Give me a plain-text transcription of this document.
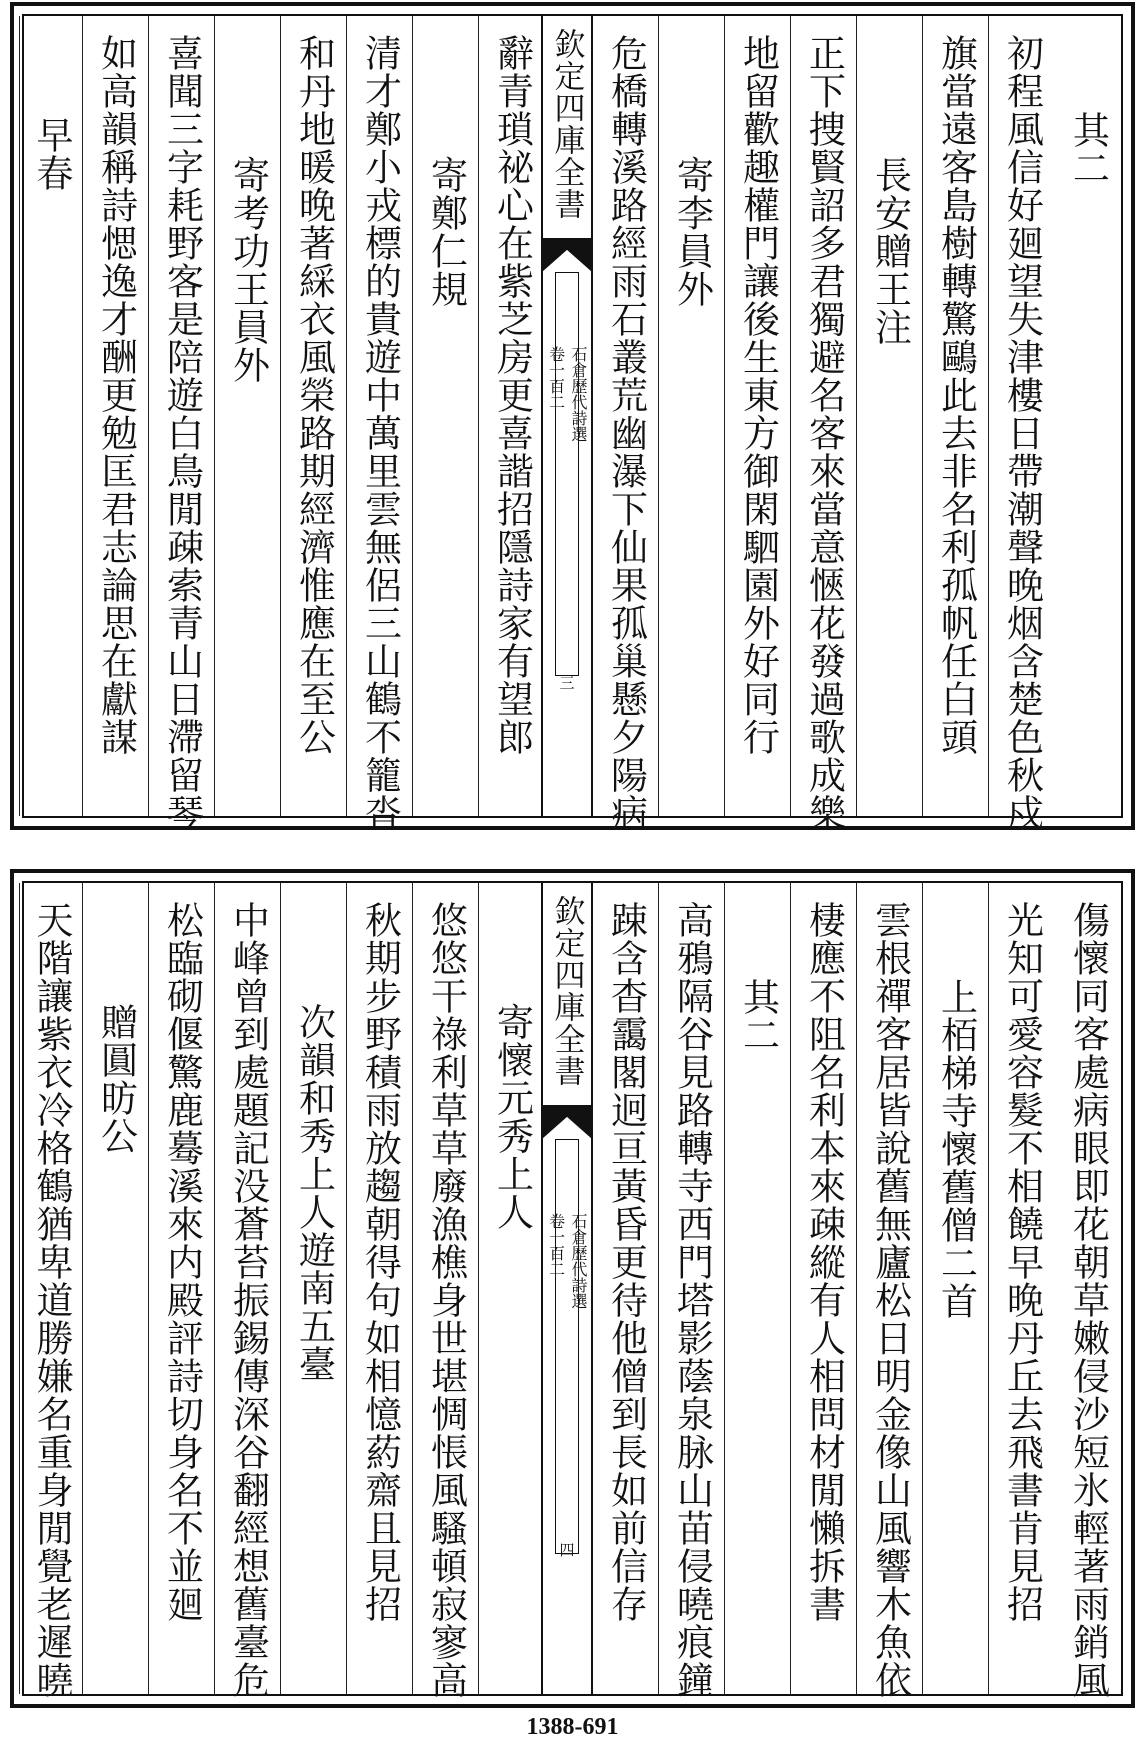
其二
初程風信好廻望失津樓日帶潮聲晚烟含楚色秋戍
旗當遠客島樹轉驚鷗此去非名利孤帆任白頭
長安贈王注
正下捜賢詔多君獨避名客來當意愜花發過歌成樂
地留歡趣權門讓後生東方御閑駟園外好同行
寄李員外
危橋轉溪路經雨石叢荒幽瀑下仙果孤巢懸夕陽病
欽定四庫全書
石倉歷代詩選
卷一百二
三
辭青瑣祕心在紫芝房更喜諧招隱詩家有望郎
寄鄭仁規
清才鄭小戎標的貴遊中萬里雲無侶三山鶴不籠沓
和丹地暖晚著綵衣風榮路期經濟惟應在至公
寄考功王員外
喜聞三字耗野客是陪遊白鳥閒疎索青山日滯留琴
如高韻稱詩愢逸才酬更勉匡君志論思在獻謀
早春
傷懷同客處病眼即花朝草嫩侵沙短氷輕著雨銷風
光知可愛容髮不相饒早晚丹丘去飛書肯見招
上栢梯寺懷舊僧二首
雲根禪客居皆說舊無廬松日明金像山風響木魚依
棲應不阻名利本來疎縱有人相問材閒懶拆書
其二
高鴉隔谷見路轉寺西門塔影蔭泉脉山苗侵曉痕鐘
踈含杳靄閣迥亘黃昏更待他僧到長如前信存
欽定四庫全書
石倉歷代詩選
卷一百二
四
寄懷元秀上人
悠悠干祿利草草廢漁樵身世堪惆悵風騷頓寂寥高
秋期步野積雨放趨朝得句如相憶葯齋且見招
次韻和秀上人遊南五臺
中峰曾到處題記没蒼苔振錫傳深谷翻經想舊臺危
松臨砌偃驚鹿蓦溪來内殿評詩切身名不並廻
贈圓昉公
天階讓紫衣冷格鶴猶卑道勝嫌名重身閒覺老遲曉
1388-691
